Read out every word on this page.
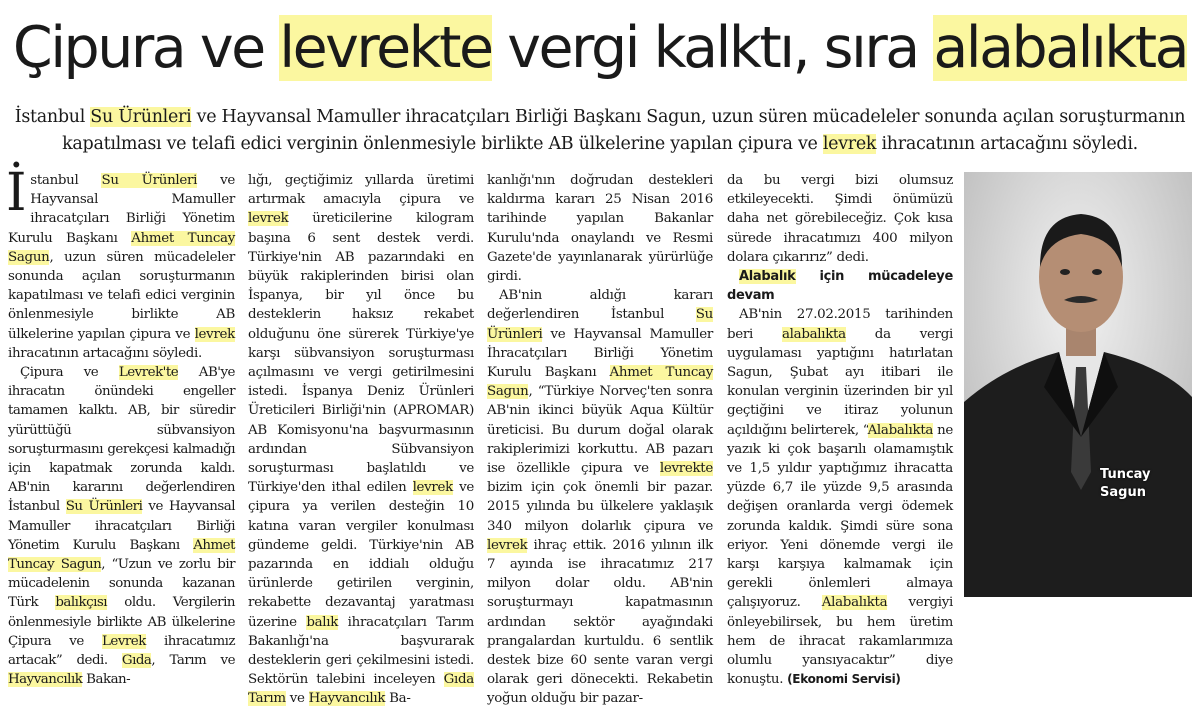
Çipura ve levrekte vergi kalktı, sıra alabalıkta

İstanbul Su Ürünleri ve Hayvansal Mamuller ihracatçıları Birliği Başkanı Sagun, uzun süren mücadeleler sonunda açılan soruşturmanın kapatılması ve telafi edici verginin önlenmesiyle birlikte AB ülkelerine yapılan çipura ve levrek ihracatının artacağını söyledi.

İstanbul Su Ürünleri ve Hayvansal Mamuller ihracatçıları Birliği Yönetim Kurulu Başkanı Ahmet Tuncay Sagun, uzun süren mücadeleler sonunda açılan soruşturmanın kapatılması ve telafi edici verginin önlenmesiyle birlikte AB ülkelerine yapılan çipura ve levrek ihracatının artacağını söyledi.

Çipura ve Levrek'te AB'ye ihracatın önündeki engeller tamamen kalktı. AB, bir süredir yürüttüğü sübvansiyon soruşturmasını gerekçesi kalmadığı için kapatmak zorunda kaldı. AB'nin kararını değerlendiren İstanbul Su Ürünleri ve Hayvansal Mamuller ihracatçıları Birliği Yönetim Kurulu Başkanı Ahmet Tuncay Sagun, “Uzun ve zorlu bir mücadelenin sonunda kazanan Türk balıkçısı oldu. Vergilerin önlenmesiyle birlikte AB ülkelerine Çipura ve Levrek ihracatımız artacak” dedi. Gıda, Tarım ve Hayvancılık Bakan-

lığı, geçtiğimiz yıllarda üretimi artırmak amacıyla çipura ve levrek üreticilerine kilogram başına 6 sent destek verdi. Türkiye'nin AB pazarındaki en büyük rakiplerinden birisi olan İspanya, bir yıl önce bu desteklerin haksız rekabet olduğunu öne sürerek Türkiye'ye karşı sübvansiyon soruşturması açılmasını ve vergi getirilmesini istedi. İspanya Deniz Ürünleri Üreticileri Birliği'nin (APROMAR) AB Komisyonu'na başvurmasının ardından Sübvansiyon soruşturması başlatıldı ve Türkiye'den ithal edilen levrek ve çipura ya verilen desteğin 10 katına varan vergiler konulması gündeme geldi. Türkiye'nin AB pazarında en iddialı olduğu ürünlerde getirilen verginin, rekabette dezavantaj yaratması üzerine balık ihracatçıları Tarım Bakanlığı'na başvurarak desteklerin geri çekilmesini istedi. Sektörün talebini inceleyen Gıda Tarım ve Hayvancılık Ba-

kanlığı'nın doğrudan destekleri kaldırma kararı 25 Nisan 2016 tarihinde yapılan Bakanlar Kurulu'nda onaylandı ve Resmi Gazete'de yayınlanarak yürürlüğe girdi.

AB'nin aldığı kararı değerlendiren İstanbul Su Ürünleri ve Hayvansal Mamuller İhracatçıları Birliği Yönetim Kurulu Başkanı Ahmet Tuncay Sagun, “Türkiye Norveç'ten sonra AB'nin ikinci büyük Aqua Kültür üreticisi. Bu durum doğal olarak rakiplerimizi korkuttu. AB pazarı ise özellikle çipura ve levrekte bizim için çok önemli bir pazar. 2015 yılında bu ülkelere yaklaşık 340 milyon dolarlık çipura ve levrek ihraç ettik. 2016 yılının ilk 7 ayında ise ihracatımız 217 milyon dolar oldu. AB'nin soruşturmayı kapatmasının ardından sektör ayağındaki prangalardan kurtuldu. 6 sentlik destek bize 60 sente varan vergi olarak geri dönecekti. Rekabetin yoğun olduğu bir pazar-

da bu vergi bizi olumsuz etkileyecekti. Şimdi önümüzü daha net görebileceğiz. Çok kısa sürede ihracatımızı 400 milyon dolara çıkarırız” dedi.

Alabalık için mücadeleye devam

AB'nin 27.02.2015 tarihinden beri alabalıkta da vergi uygulaması yaptığını hatırlatan Sagun, Şubat ayı itibari ile konulan verginin üzerinden bir yıl geçtiğini ve itiraz yolunun açıldığını belirterek, “Alabalıkta ne yazık ki çok başarılı olamamıştık ve 1,5 yıldır yaptığımız ihracatta yüzde 6,7 ile yüzde 9,5 arasında değişen oranlarda vergi ödemek zorunda kaldık. Şimdi süre sona eriyor. Yeni dönemde vergi ile karşı karşıya kalmamak için gerekli önlemleri almaya çalışıyoruz. Alabalıkta vergiyi önleyebilirsek, bu hem üretim hem de ihracat rakamlarımıza olumlu yansıyacaktır” diye konuştu. (Ekonomi Servisi)

Tuncay
Sagun
